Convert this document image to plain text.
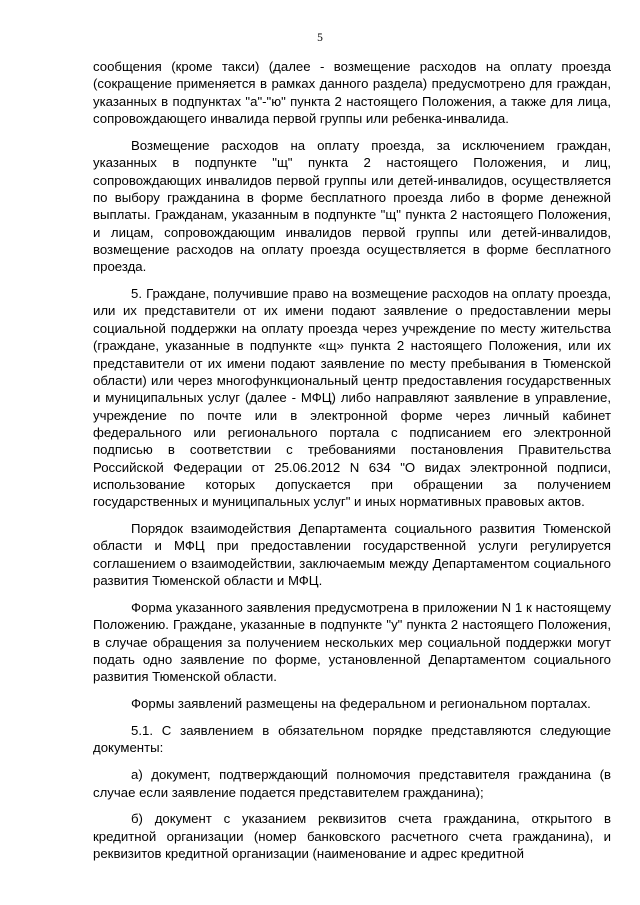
5

сообщения (кроме такси) (далее - возмещение расходов на оплату проезда (сокращение применяется в рамках данного раздела) предусмотрено для граждан, указанных в подпунктах "а"-"ю" пункта 2 настоящего Положения, а также для лица, сопровождающего инвалида первой группы или ребенка-инвалида.

Возмещение расходов на оплату проезда, за исключением граждан, указанных в подпункте "щ" пункта 2 настоящего Положения, и лиц, сопровождающих инвалидов первой группы или детей-инвалидов, осуществляется по выбору гражданина в форме бесплатного проезда либо в форме денежной выплаты. Гражданам, указанным в подпункте "щ" пункта 2 настоящего Положения, и лицам, сопровождающим инвалидов первой группы или детей-инвалидов, возмещение расходов на оплату проезда осуществляется в форме бесплатного проезда.

5. Граждане, получившие право на возмещение расходов на оплату проезда, или их представители от их имени подают заявление о предоставлении меры социальной поддержки на оплату проезда через учреждение по месту жительства (граждане, указанные в подпункте «щ» пункта 2 настоящего Положения, или их представители от их имени подают заявление по месту пребывания в Тюменской области) или через многофункциональный центр предоставления государственных и муниципальных услуг (далее - МФЦ) либо направляют заявление в управление, учреждение по почте или в электронной форме через личный кабинет федерального или регионального портала с подписанием его электронной подписью в соответствии с требованиями постановления Правительства Российской Федерации от 25.06.2012 N 634 "О видах электронной подписи, использование которых допускается при обращении за получением государственных и муниципальных услуг" и иных нормативных правовых актов.

Порядок взаимодействия Департамента социального развития Тюменской области и МФЦ при предоставлении государственной услуги регулируется соглашением о взаимодействии, заключаемым между Департаментом социального развития Тюменской области и МФЦ.

Форма указанного заявления предусмотрена в приложении N 1 к настоящему Положению. Граждане, указанные в подпункте "у" пункта 2 настоящего Положения, в случае обращения за получением нескольких мер социальной поддержки могут подать одно заявление по форме, установленной Департаментом социального развития Тюменской области.

Формы заявлений размещены на федеральном и региональном порталах.

5.1. С заявлением в обязательном порядке представляются следующие документы:

а) документ, подтверждающий полномочия представителя гражданина (в случае если заявление подается представителем гражданина);

б) документ с указанием реквизитов счета гражданина, открытого в кредитной организации (номер банковского расчетного счета гражданина), и реквизитов кредитной организации (наименование и адрес кредитной
